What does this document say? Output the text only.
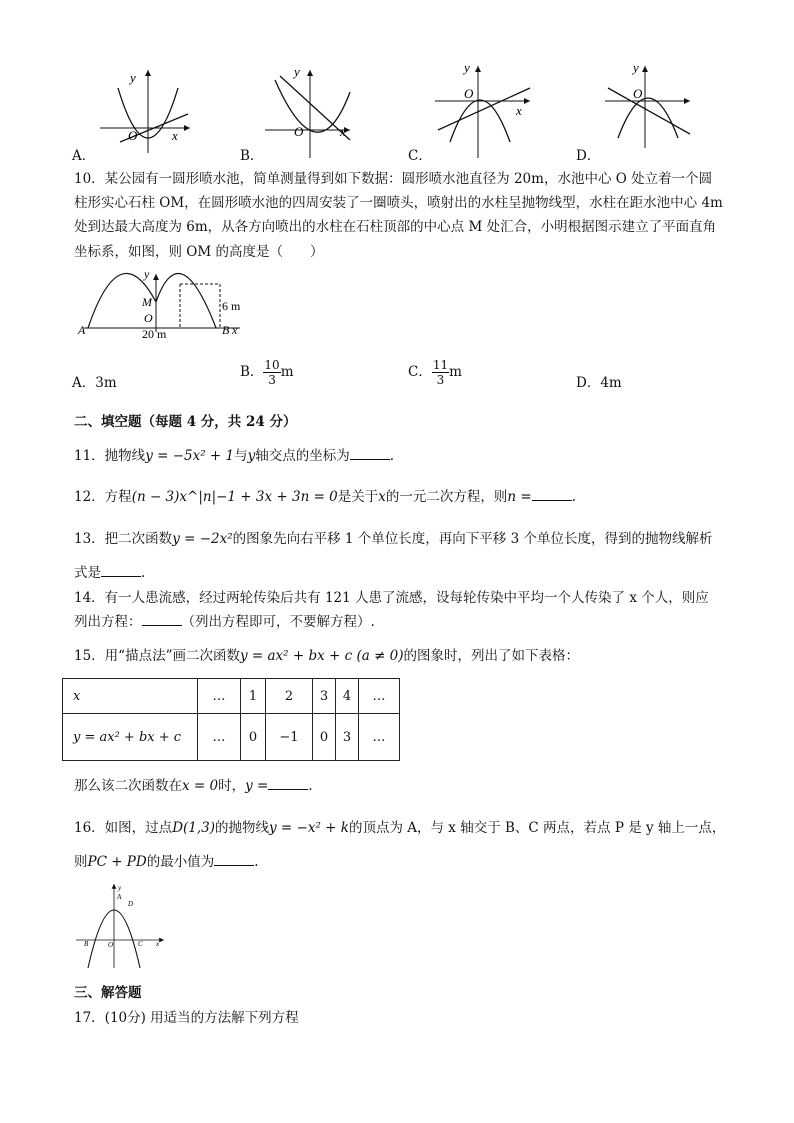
y
O	x
y
O	x
y
O
x
y
O
A．	B．	C．	D．
10．某公园有一圆形喷水池，简单测量得到如下数据：圆形喷水池直径为 20m，水池中心 O 处立着一个圆
柱形实心石柱 OM，在圆形喷水池的四周安装了一圈喷头，喷射出的水柱呈抛物线型，水柱在距水池中心 4m
处到达最大高度为 6m，从各方向喷出的水柱在石柱顶部的中心点 M 处汇合，小明根据图示建立了平面直角
坐标系，如图，则 OM 的高度是（　　）
y
M
O
A	B x
6 m
20 m
A．3m
B． $\frac{10}{3}$ m	C． $\frac{11}{3}$ m
D．4m
二、填空题（每题 4 分，共 24 分）
11．抛物线y = −5x² + 1与y轴交点的坐标为	.
12．方程(n − 3)x^|n|−1 + 3x + 3n = 0是关于x的一元二次方程，则n =	.
13．把二次函数y = −2x²的图象先向右平移 1 个单位长度，再向下平移 3 个单位长度，得到的抛物线解析
式是	.
14．有一人患流感，经过两轮传染后共有 121 人患了流感，设每轮传染中平均一个人传染了 x 个人，则应
列出方程：	（列出方程即可，不要解方程）.
15．用“描点法”画二次函数y = ax² + bx + c (a ≠ 0)的图象时，列出了如下表格：
x	…	1	2	3	4	…
y = ax² + bx + c	…	0	−1	0	3	…
那么该二次函数在x = 0时，y =	.
16．如图，过点D(1,3)的抛物线y = −x² + k的顶点为 A，与 x 轴交于 B、C 两点，若点 P 是 y 轴上一点，
则PC + PD的最小值为	.
y
A
D
B	O	C x
三、解答题
17．(10分) 用适当的方法解下列方程
